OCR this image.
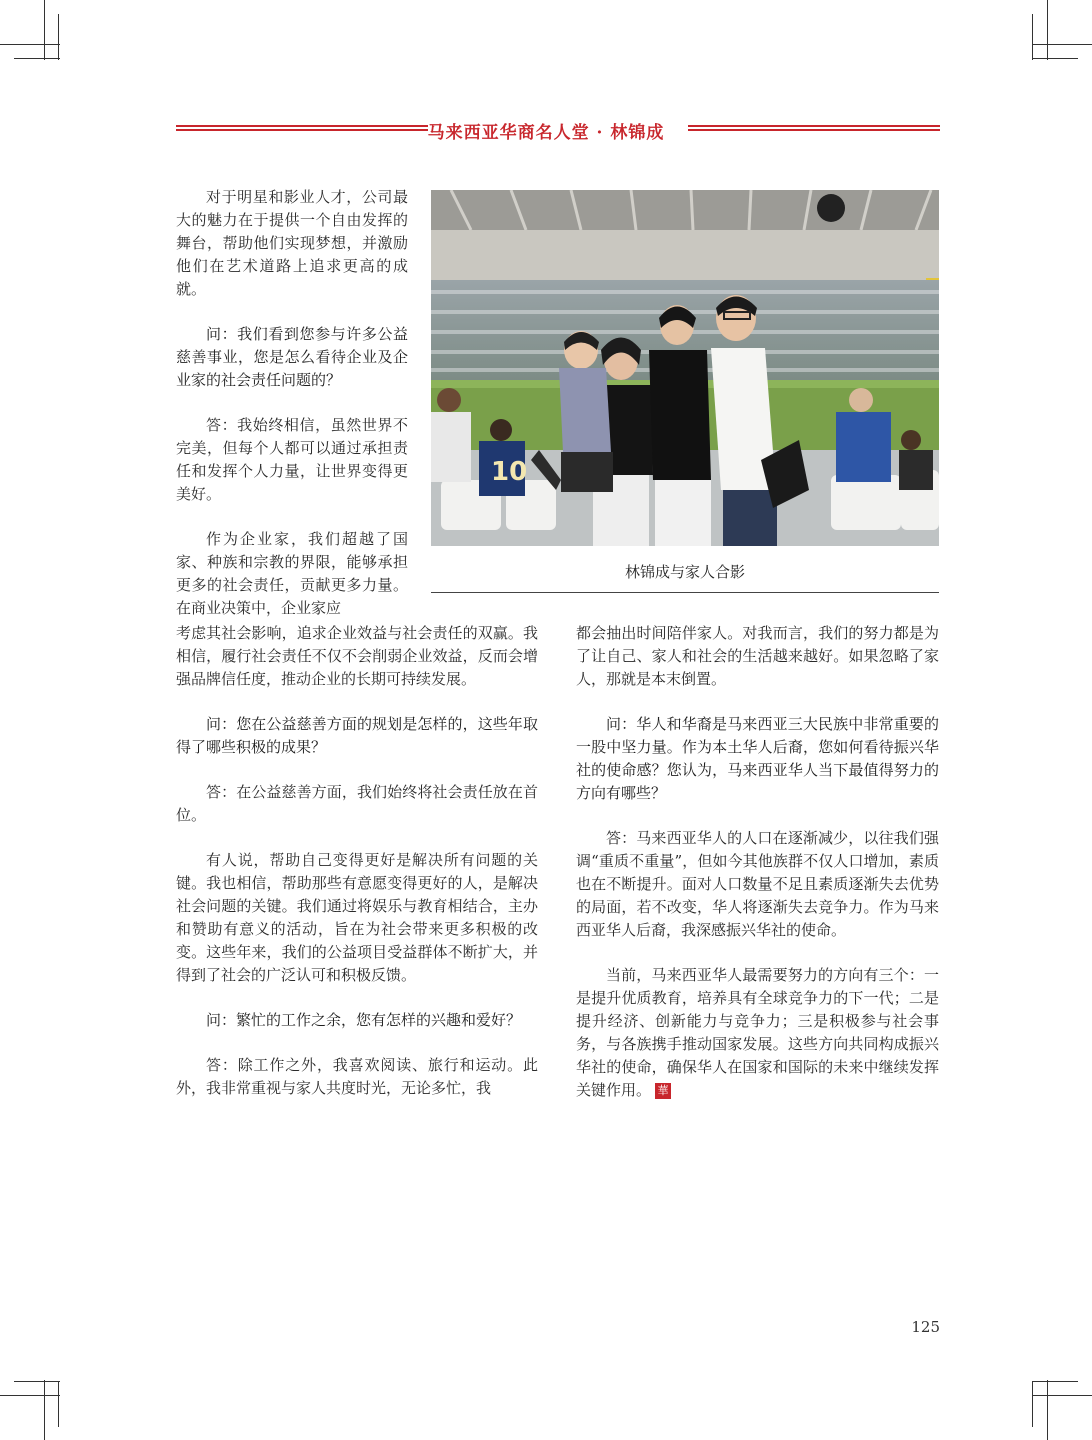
马来西亚华商名人堂 · 林锦成

对于明星和影业人才，公司最大的魅力在于提供一个自由发挥的舞台，帮助他们实现梦想，并激励他们在艺术道路上追求更高的成就。

问：我们看到您参与许多公益慈善事业，您是怎么看待企业及企业家的社会责任问题的？

答：我始终相信，虽然世界不完美，但每个人都可以通过承担责任和发挥个人力量，让世界变得更美好。

作为企业家，我们超越了国家、种族和宗教的界限，能够承担更多的社会责任，贡献更多力量。在商业决策中，企业家应

考虑其社会影响，追求企业效益与社会责任的双赢。我相信，履行社会责任不仅不会削弱企业效益，反而会增强品牌信任度，推动企业的长期可持续发展。

问：您在公益慈善方面的规划是怎样的，这些年取得了哪些积极的成果？

答：在公益慈善方面，我们始终将社会责任放在首位。

有人说，帮助自己变得更好是解决所有问题的关键。我也相信，帮助那些有意愿变得更好的人，是解决社会问题的关键。我们通过将娱乐与教育相结合，主办和赞助有意义的活动，旨在为社会带来更多积极的改变。这些年来，我们的公益项目受益群体不断扩大，并得到了社会的广泛认可和积极反馈。

问：繁忙的工作之余，您有怎样的兴趣和爱好？

答：除工作之外，我喜欢阅读、旅行和运动。此外，我非常重视与家人共度时光，无论多忙，我

都会抽出时间陪伴家人。对我而言，我们的努力都是为了让自己、家人和社会的生活越来越好。如果忽略了家人，那就是本末倒置。

问：华人和华裔是马来西亚三大民族中非常重要的一股中坚力量。作为本土华人后裔，您如何看待振兴华社的使命感？您认为，马来西亚华人当下最值得努力的方向有哪些？

答：马来西亚华人的人口在逐渐减少，以往我们强调“重质不重量”，但如今其他族群不仅人口增加，素质也在不断提升。面对人口数量不足且素质逐渐失去优势的局面，若不改变，华人将逐渐失去竞争力。作为马来西亚华人后裔，我深感振兴华社的使命。

当前，马来西亚华人最需要努力的方向有三个：一是提升优质教育，培养具有全球竞争力的下一代；二是提升经济、创新能力与竞争力；三是积极参与社会事务，与各族携手推动国家发展。这些方向共同构成振兴华社的使命，确保华人在国家和国际的未来中继续发挥关键作用。 華

10
林锦成与家人合影
125
